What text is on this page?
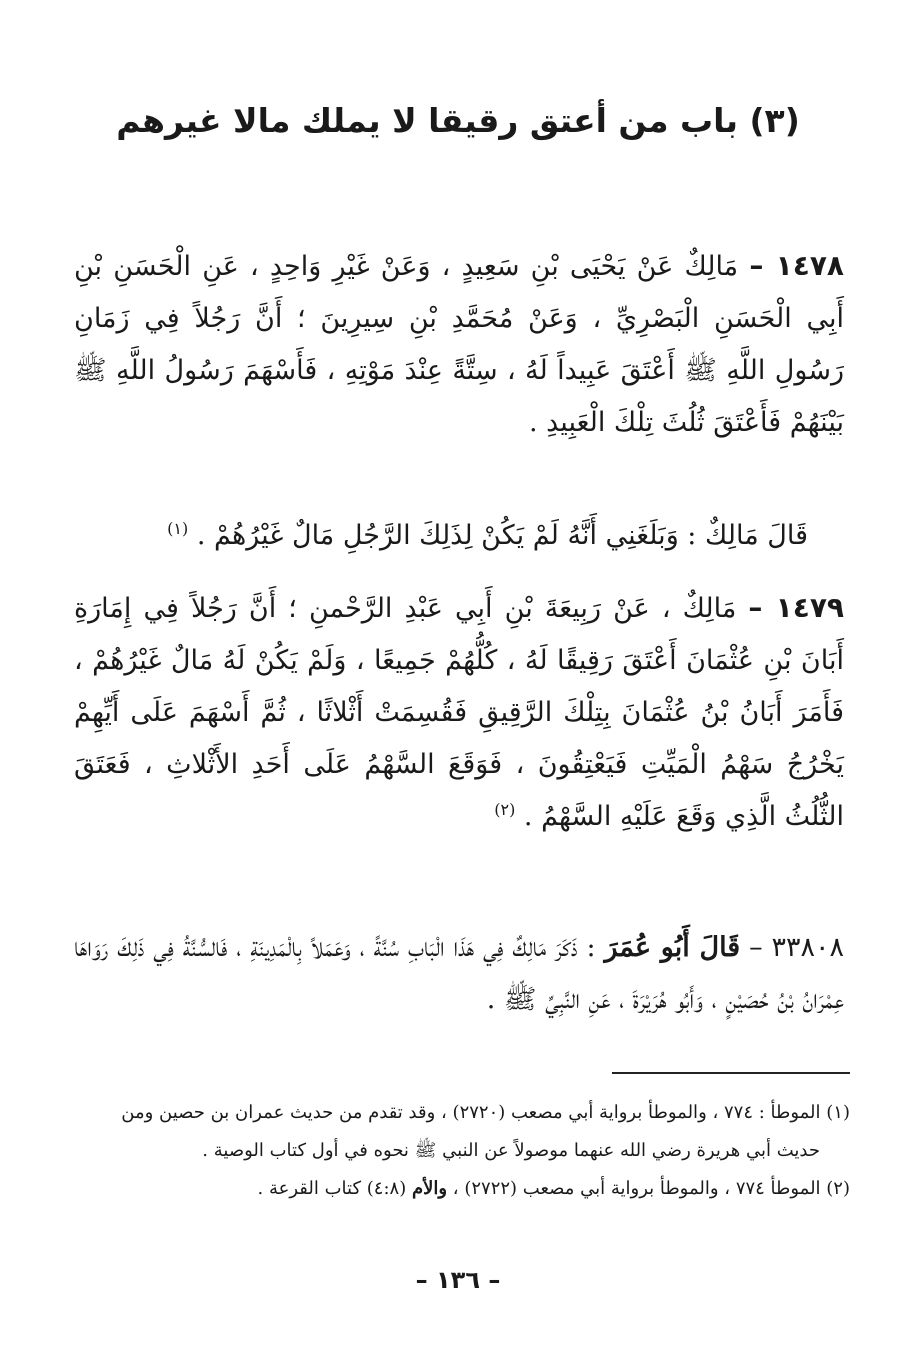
(٣) باب من أعتق رقيقا لا يملك مالا غيرهم
١٤٧٨ – مَالِكٌ عَنْ يَحْيَى بْنِ سَعِيدٍ ، وَعَنْ غَيْرِ وَاحِدٍ ، عَنِ الْحَسَنِ بْنِ أَبِي الْحَسَنِ الْبَصْرِيِّ ، وَعَنْ مُحَمَّدِ بْنِ سِيرِينَ ؛ أَنَّ رَجُلاً فِي زَمَانِ رَسُولِ اللَّهِ ﷺ أَعْتَقَ عَبِيداً لَهُ ، سِتَّةً عِنْدَ مَوْتِهِ ، فَأَسْهَمَ رَسُولُ اللَّهِ ﷺ بَيْنَهُمْ فَأَعْتَقَ ثُلُثَ تِلْكَ الْعَبِيدِ .
قَالَ مَالِكٌ : وَبَلَغَنِي أَنَّهُ لَمْ يَكُنْ لِذَلِكَ الرَّجُلِ مَالٌ غَيْرُهُمْ . $^{(١)}$
١٤٧٩ – مَالِكٌ ، عَنْ رَبِيعَةَ بْنِ أَبِي عَبْدِ الرَّحْمنِ ؛ أَنَّ رَجُلاً فِي إِمَارَةِ أَبَانَ بْنِ عُثْمَانَ أَعْتَقَ رَقِيقًا لَهُ ، كُلُّهُمْ جَمِيعًا ، وَلَمْ يَكُنْ لَهُ مَالٌ غَيْرُهُمْ ، فَأَمَرَ أَبَانُ بْنُ عُثْمَانَ بِتِلْكَ الرَّقِيقِ فَقُسِمَتْ أَثْلاثًا ، ثُمَّ أَسْهَمَ عَلَى أَيِّهِمْ يَخْرُجُ سَهْمُ الْمَيِّتِ فَيَعْتِقُونَ ، فَوَقَعَ السَّهْمُ عَلَى أَحَدِ الأَثْلاثِ ، فَعَتَقَ الثُّلُثُ الَّذِي وَقَعَ عَلَيْهِ السَّهْمُ . $^{(٢)}$
٣٣٨٠٨ – قَالَ أَبُو عُمَرَ : ذَكَرَ مَالِكٌ فِي هَذَا الْبَابِ سُنَّةً ، وَعَمَلاً بِالْمَدِينَةِ ، فَالسُّنَّةُ فِي ذَلِكَ رَوَاهَا عِمْرَانُ بْنُ حُصَيْنٍ ، وَأَبُو هُرَيْرَةَ ، عَنِ النَّبِيِّ ﷺ .

(١) الموطأ : ٧٧٤ ، والموطأ برواية أبي مصعب (٢٧٢٠) ، وقد تقدم من حديث عمران بن حصين ومن

حديث أبي هريرة رضي الله عنهما موصولاً عن النبي ﷺ نحوه في أول كتاب الوصية .

(٢) الموطأ ٧٧٤ ، والموطأ برواية أبي مصعب (٢٧٢٢) ، والأم (٤:٨) كتاب القرعة .

– ١٣٦ –
